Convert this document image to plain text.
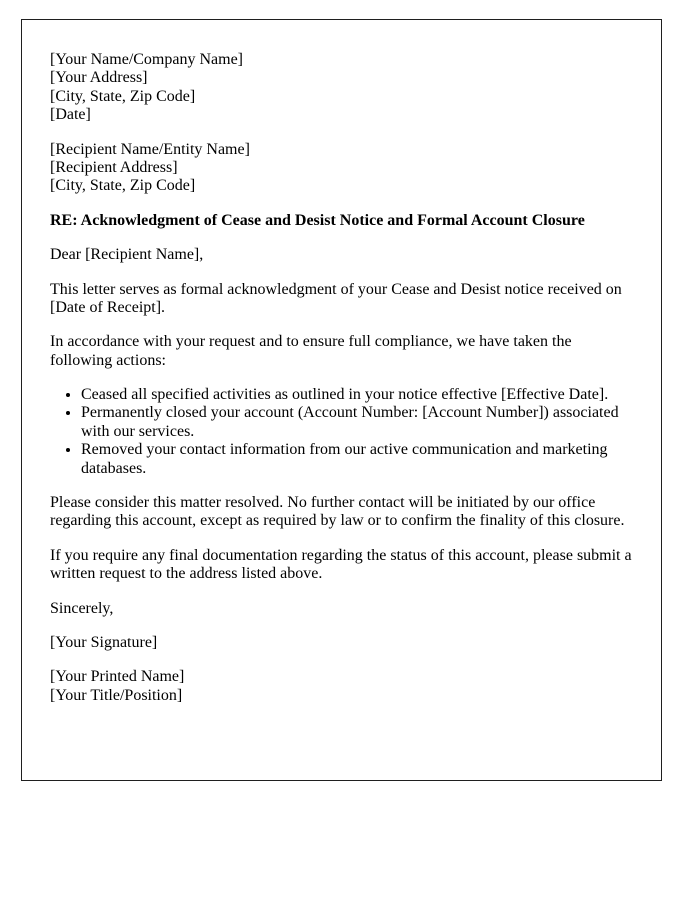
[Your Name/Company Name]
[Your Address]
[City, State, Zip Code]
[Date]

[Recipient Name/Entity Name]
[Recipient Address]
[City, State, Zip Code]

RE: Acknowledgment of Cease and Desist Notice and Formal Account Closure

Dear [Recipient Name],

This letter serves as formal acknowledgment of your Cease and Desist notice received on [Date of Receipt].

In accordance with your request and to ensure full compliance, we have taken the following actions:

• Ceased all specified activities as outlined in your notice effective [Effective Date].
• Permanently closed your account (Account Number: [Account Number]) associated with our services.
• Removed your contact information from our active communication and marketing databases.

Please consider this matter resolved. No further contact will be initiated by our office regarding this account, except as required by law or to confirm the finality of this closure.

If you require any final documentation regarding the status of this account, please submit a written request to the address listed above.

Sincerely,

[Your Signature]

[Your Printed Name]
[Your Title/Position]
